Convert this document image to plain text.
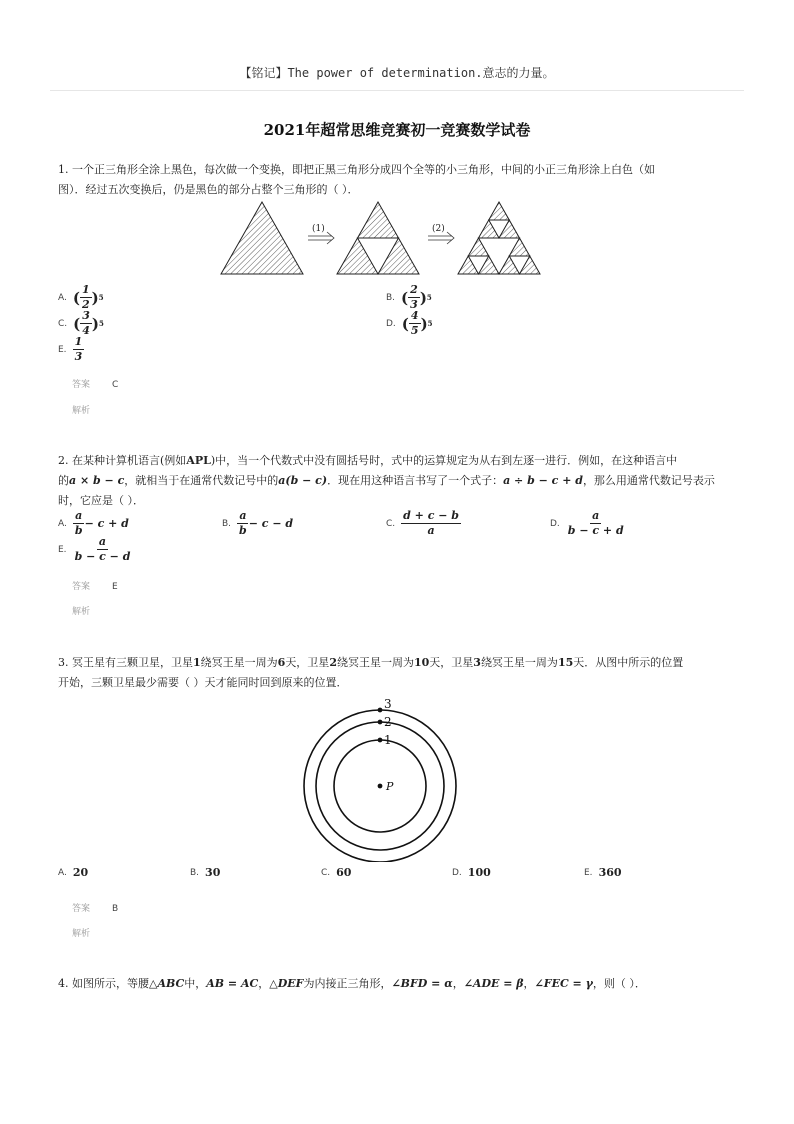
【铭记】The power of determination.意志的力量。
2021年超常思维竞赛初一竞赛数学试卷
1. 一个正三角形全涂上黑色，每次做一个变换，即把正黑三角形分成四个全等的小三角形，中间的小正三角形涂上白色（如
图）．经过五次变换后，仍是黑色的部分占整个三角形的（ ）．
(1)	(2)
A. ( $\frac{1}{2}$ ) 5	B. ( $\frac{2}{3}$ ) 5
C. ( $\frac{3}{4}$ ) 5	D. ( $\frac{4}{5}$ ) 5
E. $\frac{1}{3}$
答案 C
解析
2. 在某种计算机语言(例如APL)中，当一个代数式中没有圆括号时，式中的运算规定为从右到左逐一进行．例如，在这种语言中
的a × b − c，就相当于在通常代数记号中的a(b − c)．现在用这种语言书写了一个式子：a ÷ b − c + d，那么用通常代数记号表示
时，它应是（ ）．
A. $\frac{a}{b} - c + d$	B. $\frac{a}{b} - c - d$	C. $\frac{d + c - b}{a}$	D. $\frac{a}{b - c + d}$
E. $\frac{a}{b - c - d}$
答案 E
解析
3. 冥王星有三颗卫星，卫星1绕冥王星一周为6天，卫星2绕冥王星一周为10天，卫星3绕冥王星一周为15天．从图中所示的位置
开始，三颗卫星最少需要（ ）天才能同时回到原来的位置．
3
2
1
P
A. 20	B. 30	C. 60	D. 100	E. 360
答案 B
解析
4. 如图所示，等腰△ABC中，AB = AC，△DEF为内接正三角形，∠BFD = α，∠ADE = β，∠FEC = γ，则（ ）．
